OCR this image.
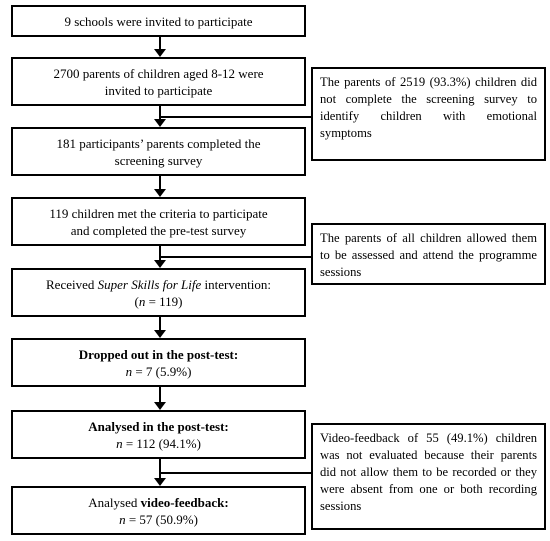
9 schools were invited to participate
2700 parents of children aged 8-12 were
invited to participate
181 participants’ parents completed the
screening survey
119 children met the criteria to participate
and completed the pre-test survey
Received Super Skills for Life intervention:
(n = 119)
Dropped out in the post-test:
n = 7 (5.9%)
Analysed in the post-test:
n = 112 (94.1%)
Analysed video-feedback:
n = 57 (50.9%)

The parents of 2519 (93.3%) children did not complete the screening survey to identify children with emotional symptoms

The parents of all children allowed them to be assessed and attend the programme sessions

Video-feedback of 55 (49.1%) children was not evaluated because their parents did not allow them to be recorded or they were absent from one or both recording sessions
